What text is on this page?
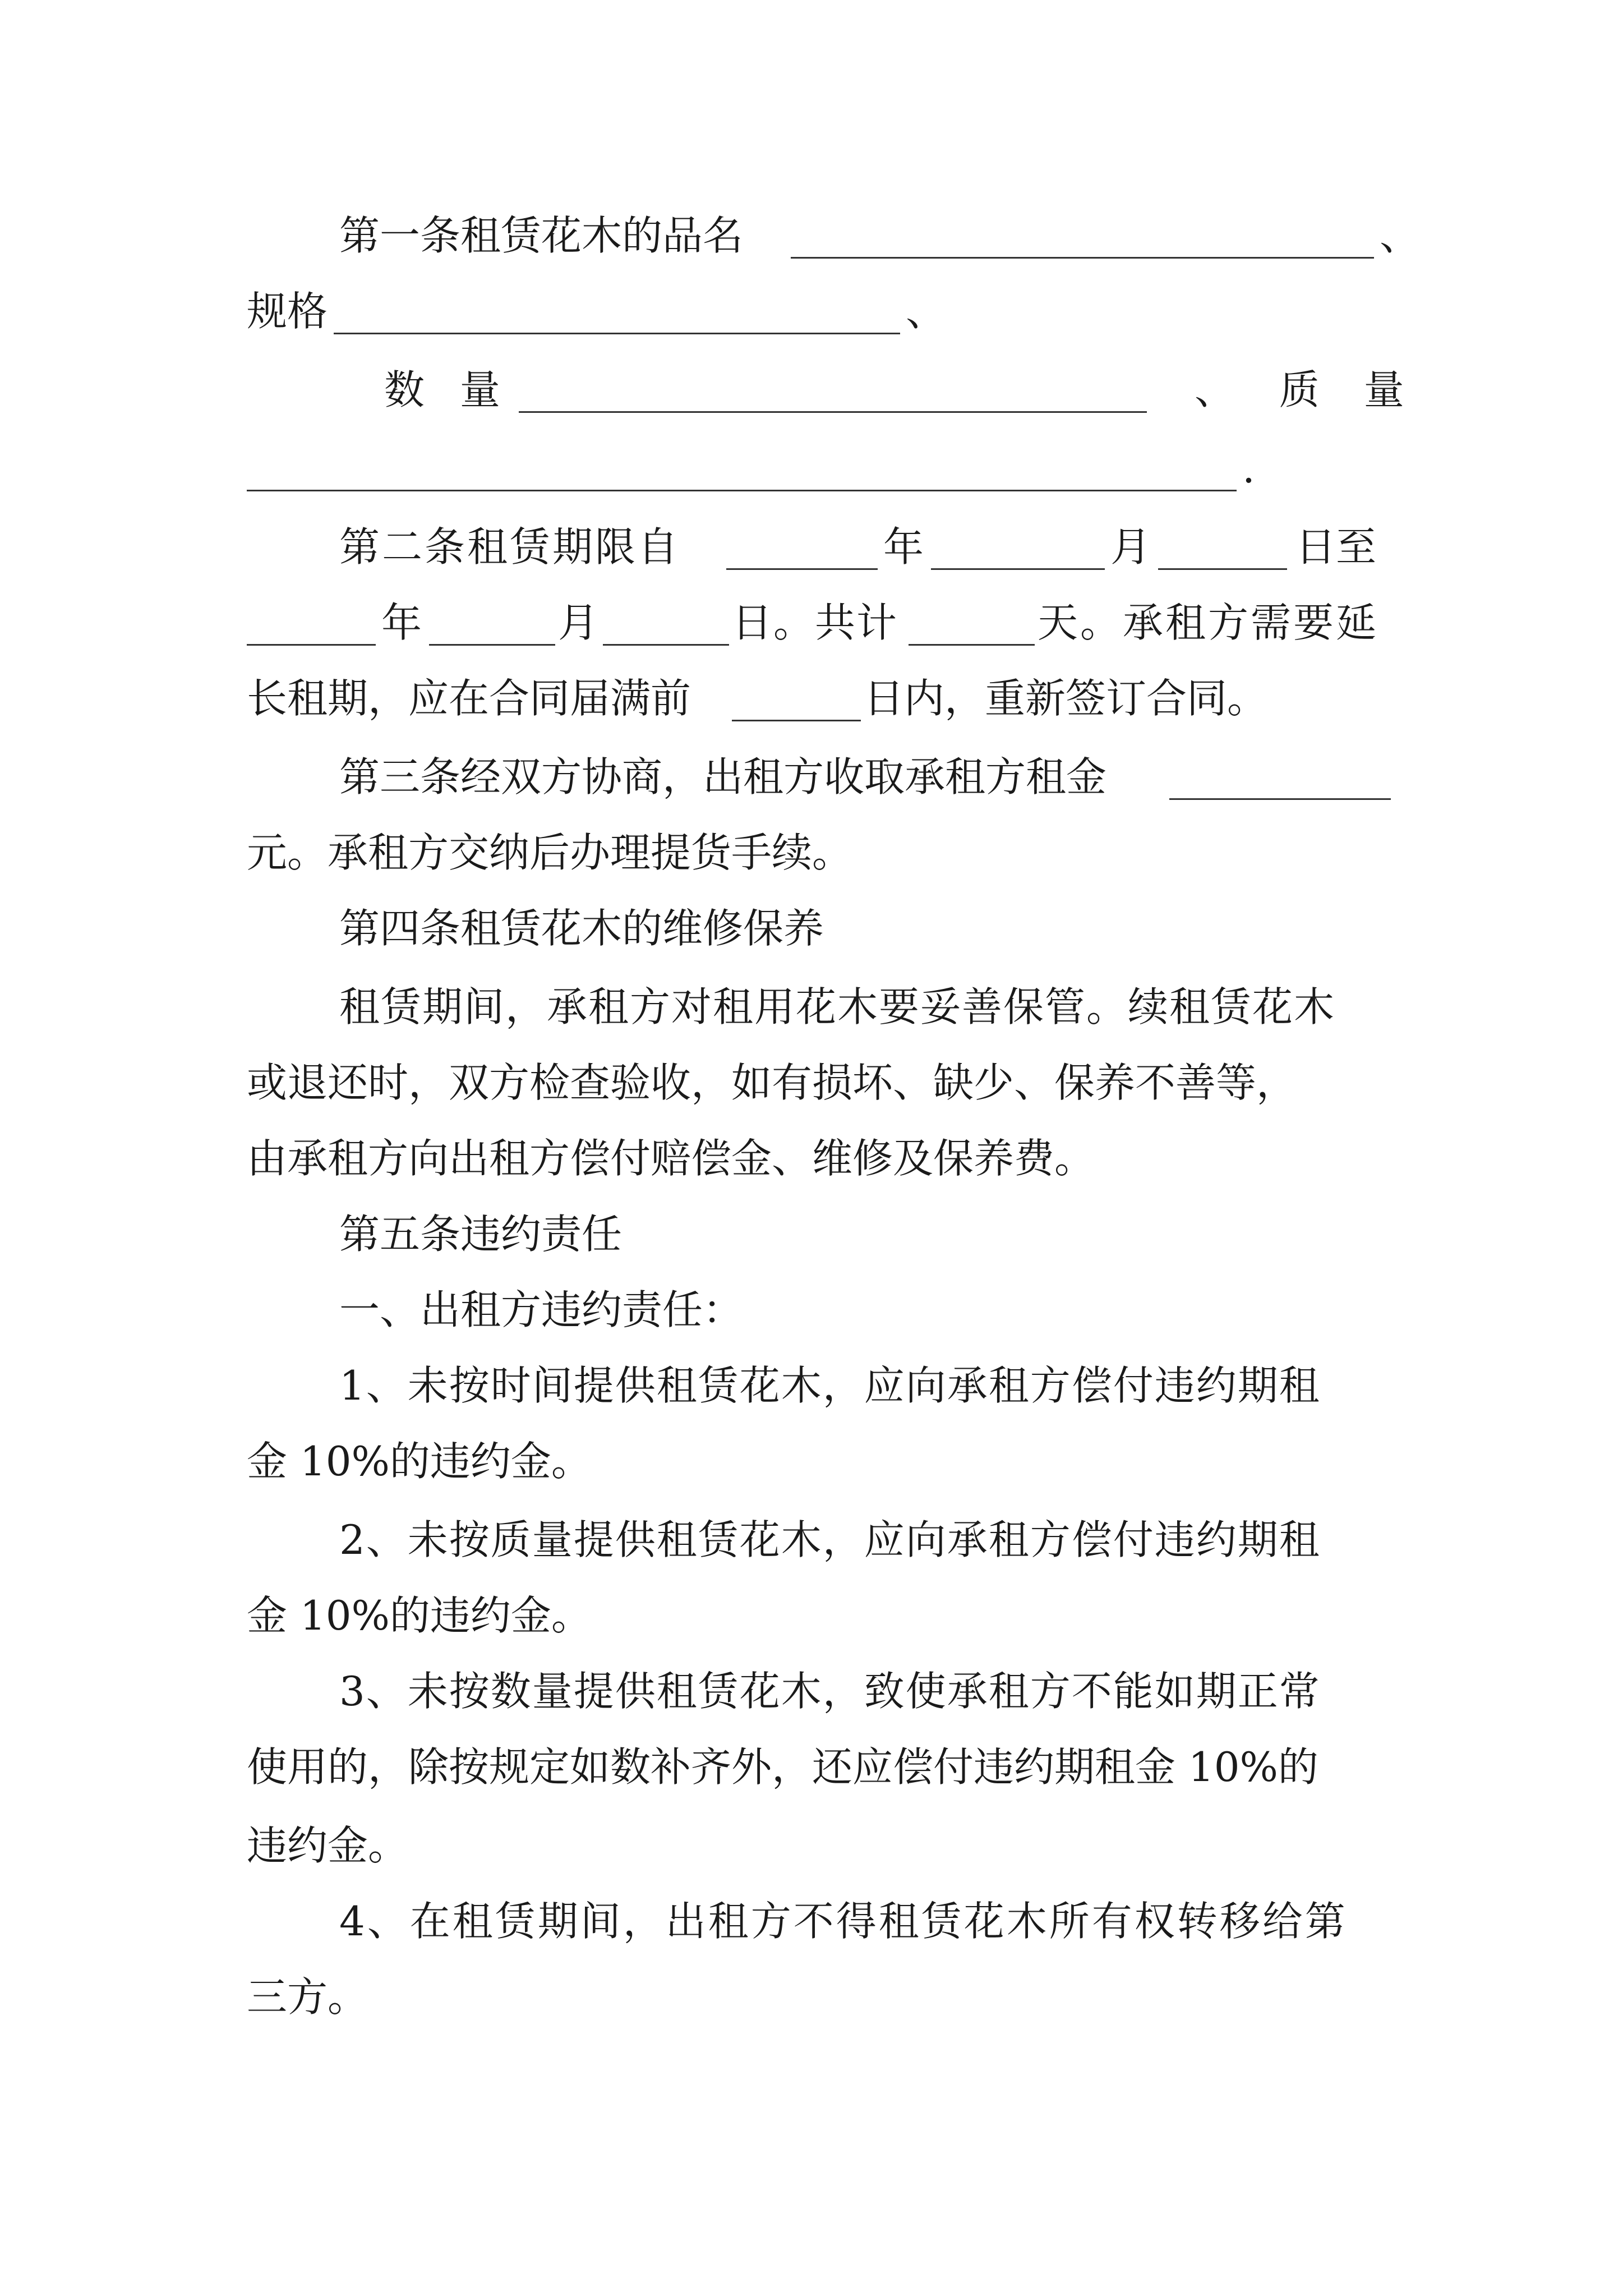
第一条租赁花木的品名	、
规格	、
数 量	、 质 量
.
第二条租赁期限自	年	月	日至
年	月	日。共计	天。承租方需要延
长租期，应在合同届满前	日内，重新签订合同。
第三条经双方协商，出租方收取承租方租金
元。承租方交纳后办理提货手续。
第四条租赁花木的维修保养
租赁期间，承租方对租用花木要妥善保管。续租赁花木
或退还时，双方检查验收，如有损坏、缺少、保养不善等，
由承租方向出租方偿付赔偿金、维修及保养费。
第五条违约责任
一、出租方违约责任：
1、未按时间提供租赁花木，应向承租方偿付违约期租
金 10%的违约金。
2、未按质量提供租赁花木，应向承租方偿付违约期租
金 10%的违约金。
3、未按数量提供租赁花木，致使承租方不能如期正常
使用的，除按规定如数补齐外，还应偿付违约期租金 10%的
违约金。
4、在租赁期间，出租方不得租赁花木所有权转移给第
三方。
